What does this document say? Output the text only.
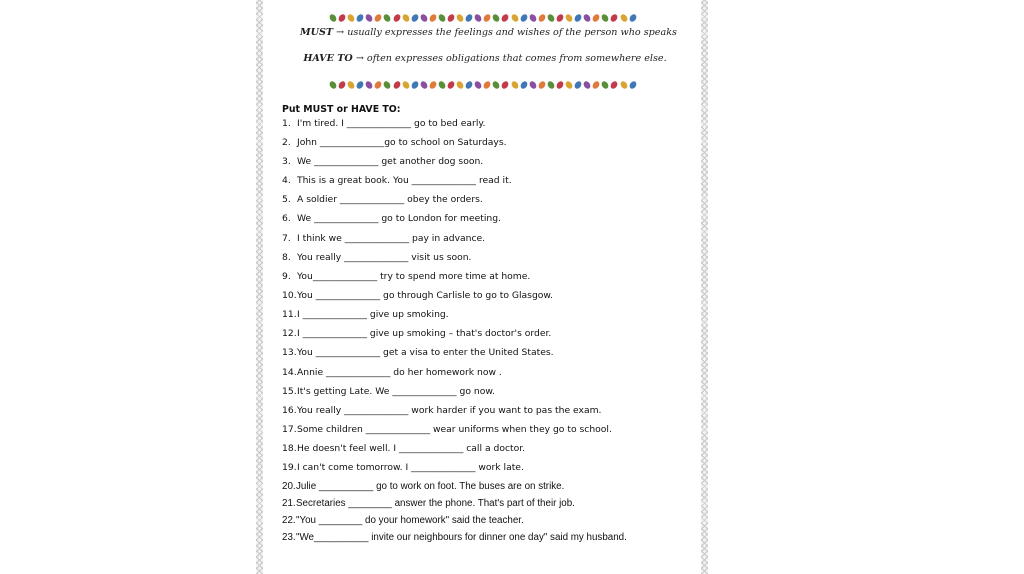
MUST → usually expresses the feelings and wishes of the person who speaks
HAVE TO → often expresses obligations that comes from somewhere else.
Put MUST or HAVE TO:
1. I'm tired. I ______________ go to bed early.
2. John ______________go to school on Saturdays.
3. We ______________ get another dog soon.
4. This is a great book. You ______________ read it.
5. A soldier ______________ obey the orders.
6. We ______________ go to London for meeting.
7. I think we ______________ pay in advance.
8. You really ______________ visit us soon.
9. You______________ try to spend more time at home.
10.You ______________ go through Carlisle to go to Glasgow.
11.I ______________ give up smoking.
12.I ______________ give up smoking – that's doctor's order.
13.You ______________ get a visa to enter the United States.
14.Annie ______________ do her homework now .
15.It's getting Late. We ______________ go now.
16.You really ______________ work harder if you want to pas the exam.
17.Some children ______________ wear uniforms when they go to school.
18.He doesn't feel well. I ______________ call a doctor.
19.I can't come tomorrow. I ______________ work late.
20.Julie __________ go to work on foot. The buses are on strike.
21.Secretaries ________ answer the phone. That's part of their job.
22."You ________ do your homework" said the teacher.
23."We__________ invite our neighbours for dinner one day" said my husband.
